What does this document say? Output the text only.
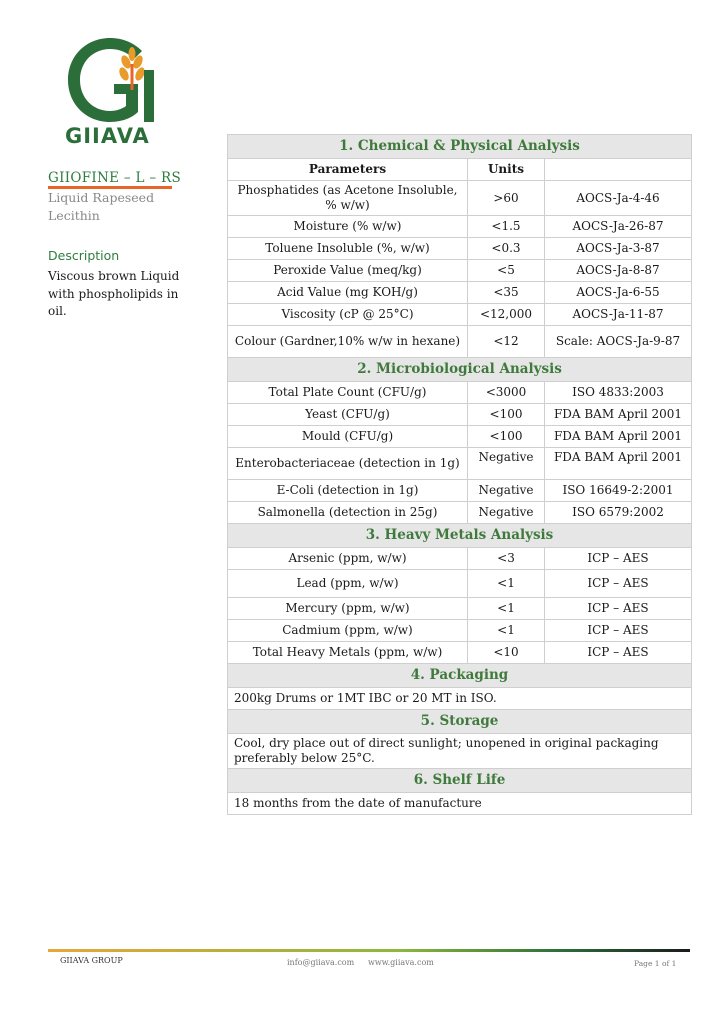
GIIAVA
GIIOFINE – L – RS
Liquid Rapeseed Lecithin
Description
Viscous brown Liquid with phospholipids in oil.
1. Chemical & Physical Analysis		
Parameters	Units	
Phosphatides (as Acetone Insoluble, % w/w)	>60	AOCS-Ja-4-46
Moisture (% w/w)	<1.5	AOCS-Ja-26-87
Toluene Insoluble (%, w/w)	<0.3	AOCS-Ja-3-87
Peroxide Value (meq/kg)	<5	AOCS-Ja-8-87
Acid Value (mg KOH/g)	<35	AOCS-Ja-6-55
Viscosity (cP @ 25°C)	<12,000	AOCS-Ja-11-87
Colour (Gardner,10% w/w in hexane)	<12	Scale: AOCS-Ja-9-87
2. Microbiological Analysis		
Total Plate Count (CFU/g)	<3000	ISO 4833:2003
Yeast (CFU/g)	<100	FDA BAM April 2001
Mould (CFU/g)	<100	FDA BAM April 2001
Enterobacteriaceae (detection in 1g)	Negative	FDA BAM April 2001
E-Coli (detection in 1g)	Negative	ISO 16649-2:2001
Salmonella (detection in 25g)	Negative	ISO 6579:2002
3. Heavy Metals Analysis		
Arsenic (ppm, w/w)	<3	ICP – AES
Lead (ppm, w/w)	<1	ICP – AES
Mercury (ppm, w/w)	<1	ICP – AES
Cadmium (ppm, w/w)	<1	ICP – AES
Total Heavy Metals (ppm, w/w)	<10	ICP – AES
4. Packaging		
200kg Drums or 1MT IBC or 20 MT in ISO.		
5. Storage		
Cool, dry place out of direct sunlight; unopened in original packaging preferably below 25°C.		
6. Shelf Life		
18 months from the date of manufacture		
GIIAVA GROUP	info@giiava.com www.giiava.com	Page 1 of 1
